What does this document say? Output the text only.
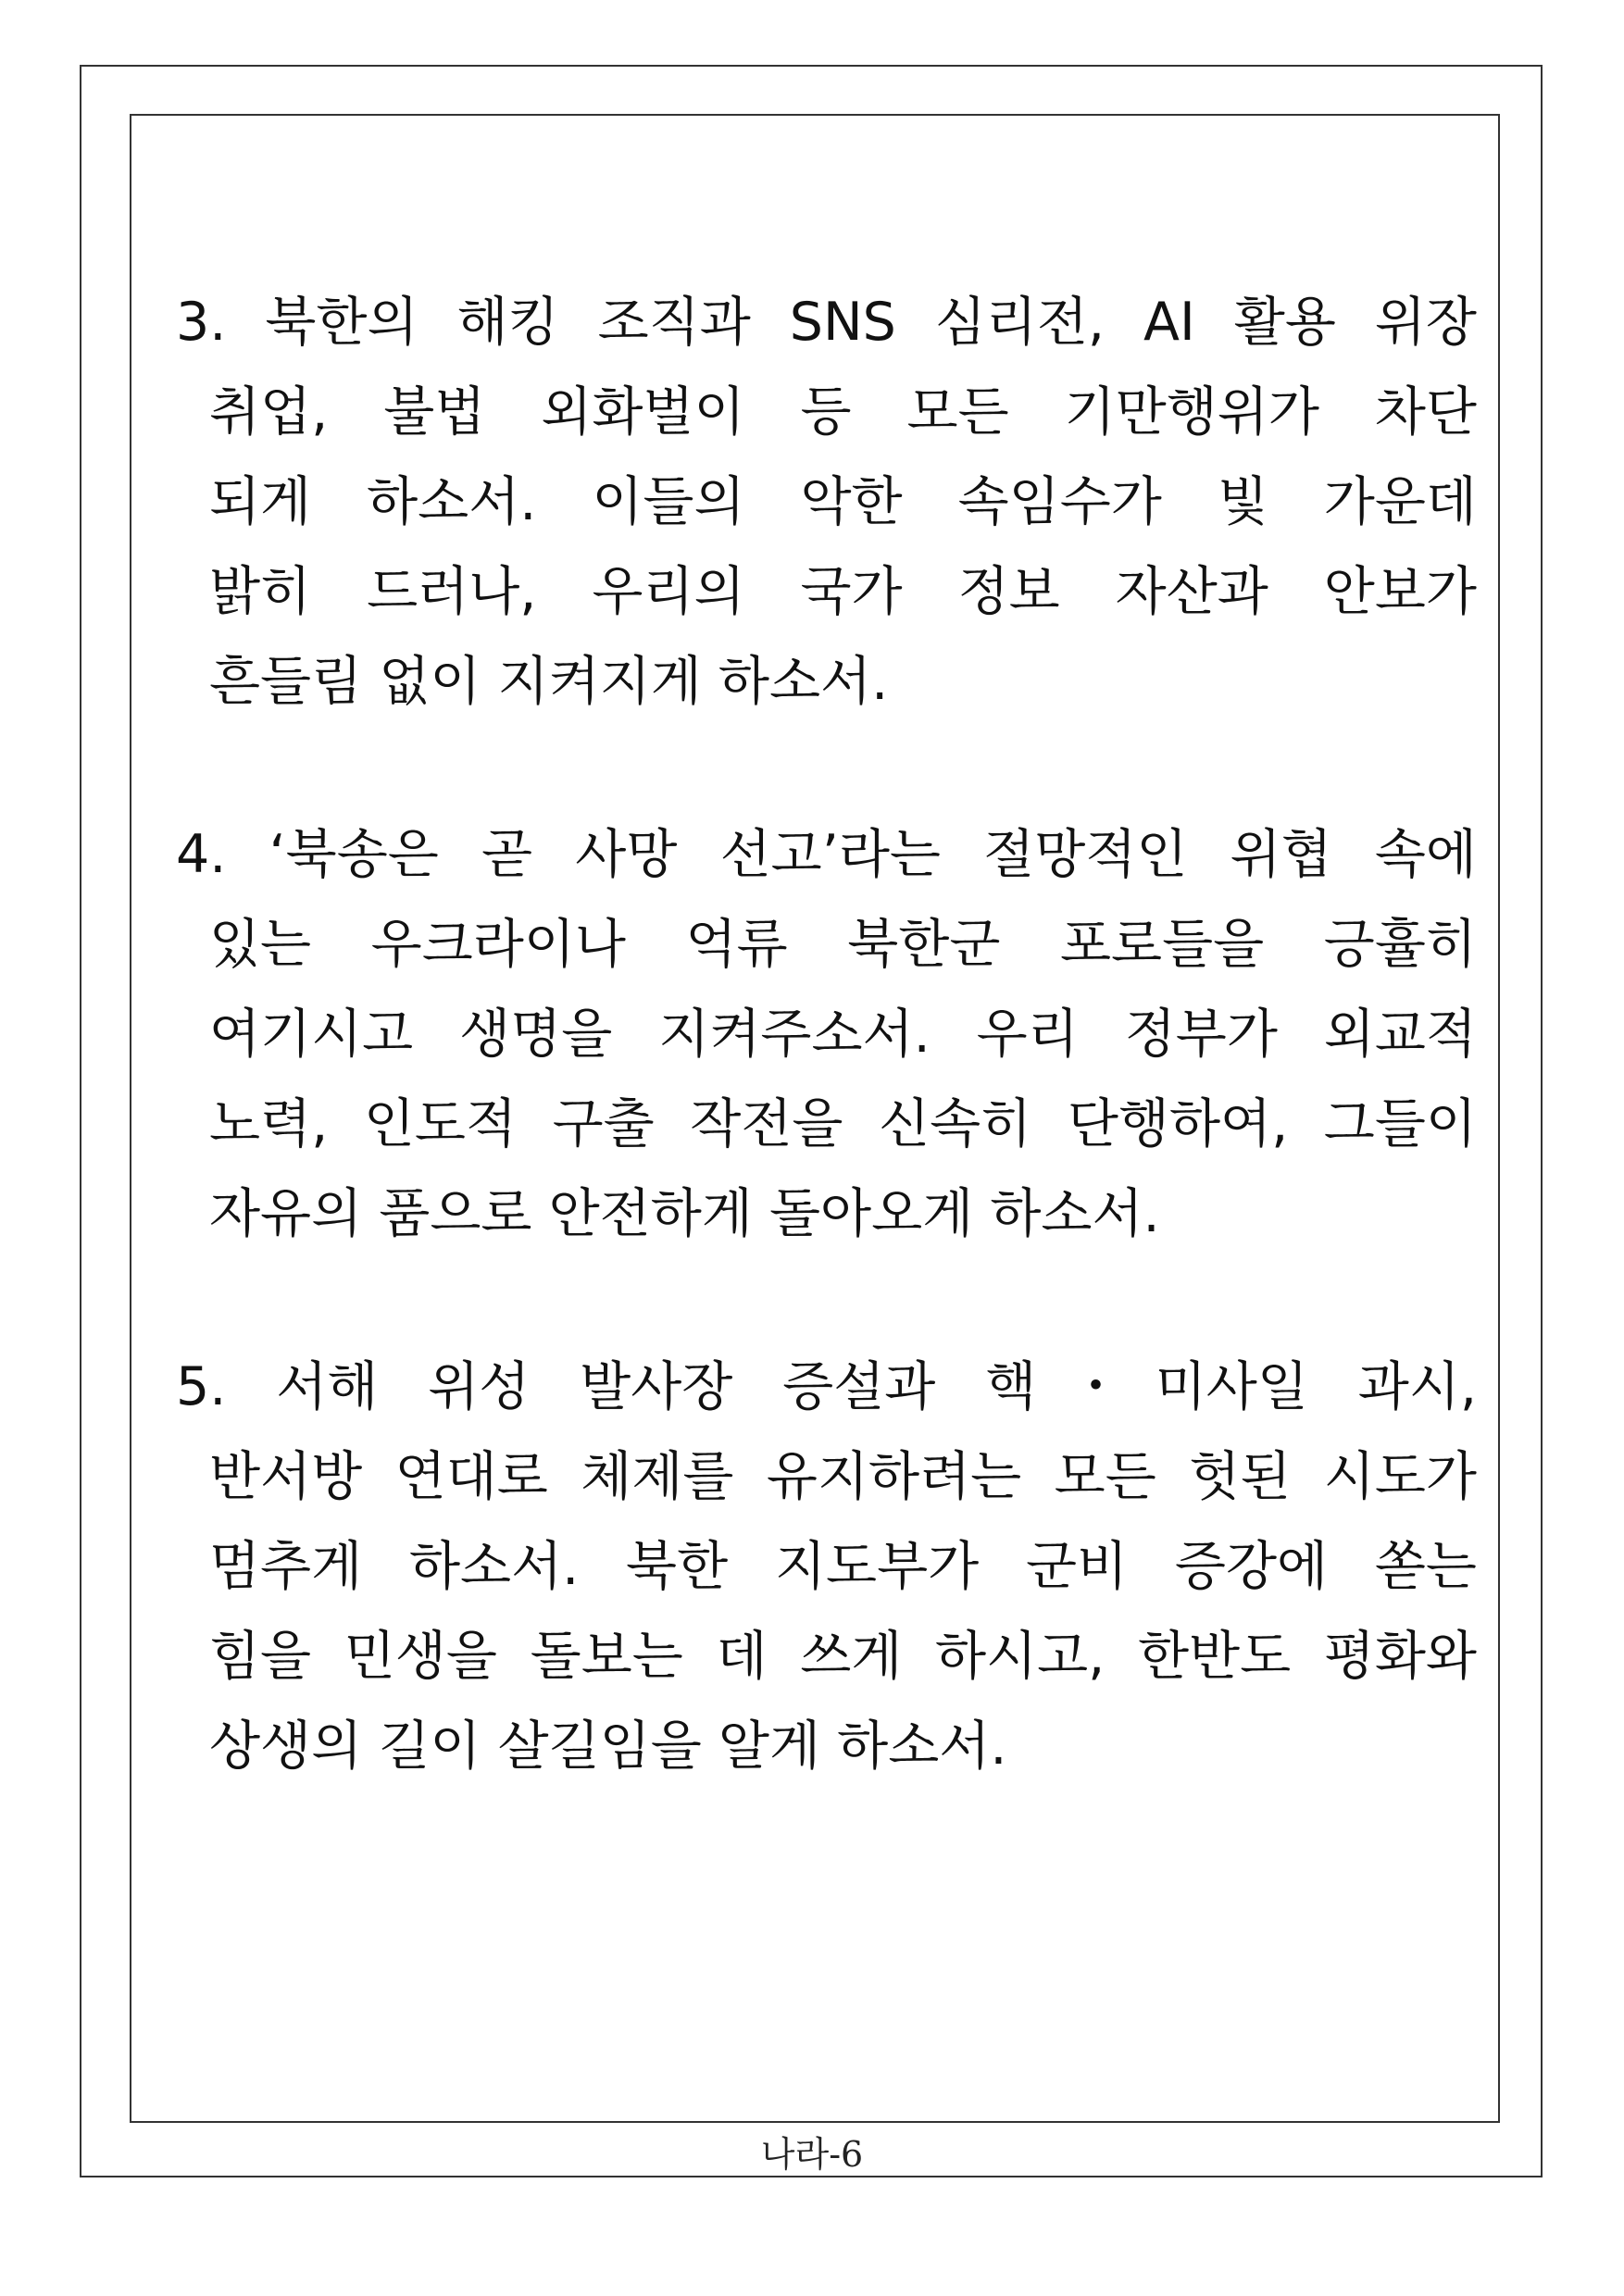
3. 북한의 해킹 조직과 SNS 심리전, AI 활용 위장
취업, 불법 외화벌이 등 모든 기만행위가 차단
되게 하소서. 이들의 악한 속임수가 빛 가운데
밝히 드러나, 우리의 국가 정보 자산과 안보가
흔들림 없이 지켜지게 하소서.
4. ‘북송은 곧 사망 선고’라는 절망적인 위협 속에
있는 우크라이나 억류 북한군 포로들을 긍휼히
여기시고 생명을 지켜주소서. 우리 정부가 외교적
노력, 인도적 구출 작전을 신속히 단행하여, 그들이
자유의 품으로 안전하게 돌아오게 하소서.
5. 서해 위성 발사장 증설과 핵・미사일 과시,
반서방 연대로 체제를 유지하려는 모든 헛된 시도가
멈추게 하소서. 북한 지도부가 군비 증강에 쏟는
힘을 민생을 돌보는 데 쓰게 하시고, 한반도 평화와
상생의 길이 살길임을 알게 하소서.
나라-6
